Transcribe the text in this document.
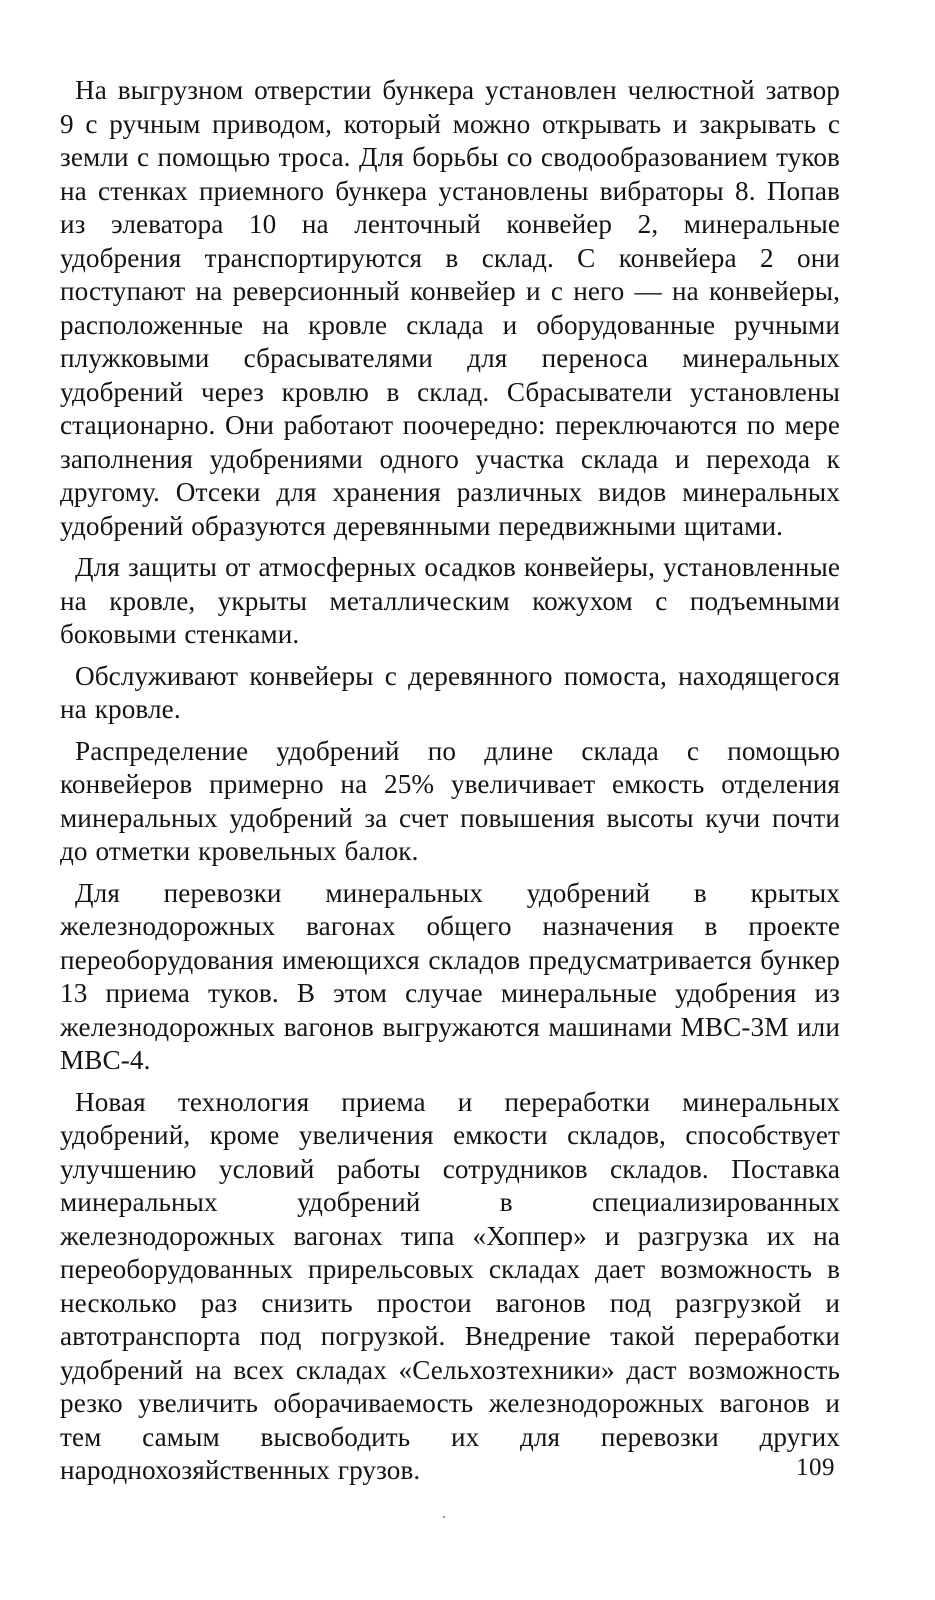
На выгрузном отверстии бункера установлен челюстной затвор 9 с ручным приводом, который можно открывать и закрывать с земли с помощью троса. Для борьбы со сводообразованием туков на стенках приемного бункера установлены вибраторы 8. Попав из элеватора 10 на ленточный конвейер 2, минеральные удобрения транспортируются в склад. С конвейера 2 они поступают на реверсионный конвейер и с него — на конвейеры, расположенные на кровле склада и оборудованные ручными плужковыми сбрасывателями для переноса минеральных удобрений через кровлю в склад. Сбрасыватели установлены стационарно. Они работают поочередно: переключаются по мере заполнения удобрениями одного участка склада и перехода к другому. Отсеки для хранения различных видов минеральных удобрений образуются деревянными передвижными щитами.

Для защиты от атмосферных осадков конвейеры, установленные на кровле, укрыты металлическим кожухом с подъемными боковыми стенками.

Обслуживают конвейеры с деревянного помоста, находящегося на кровле.

Распределение удобрений по длине склада с помощью конвейеров примерно на 25% увеличивает емкость отделения минеральных удобрений за счет повышения высоты кучи почти до отметки кровельных балок.

Для перевозки минеральных удобрений в крытых железнодорожных вагонах общего назначения в проекте переоборудования имеющихся складов предусматривается бункер 13 приема туков. В этом случае минеральные удобрения из железнодорожных вагонов выгружаются машинами МВС-3М или МВС-4.

Новая технология приема и переработки минеральных удобрений, кроме увеличения емкости складов, способствует улучшению условий работы сотрудников складов. Поставка минеральных удобрений в специализированных железнодорожных вагонах типа «Хоппер» и разгрузка их на переоборудованных прирельсовых складах дает возможность в несколько раз снизить простои вагонов под разгрузкой и автотранспорта под погрузкой. Внедрение такой переработки удобрений на всех складах «Сельхозтехники» даст возможность резко увеличить оборачиваемость железнодорожных вагонов и тем самым высвободить их для перевозки других народнохозяйственных грузов.	109
